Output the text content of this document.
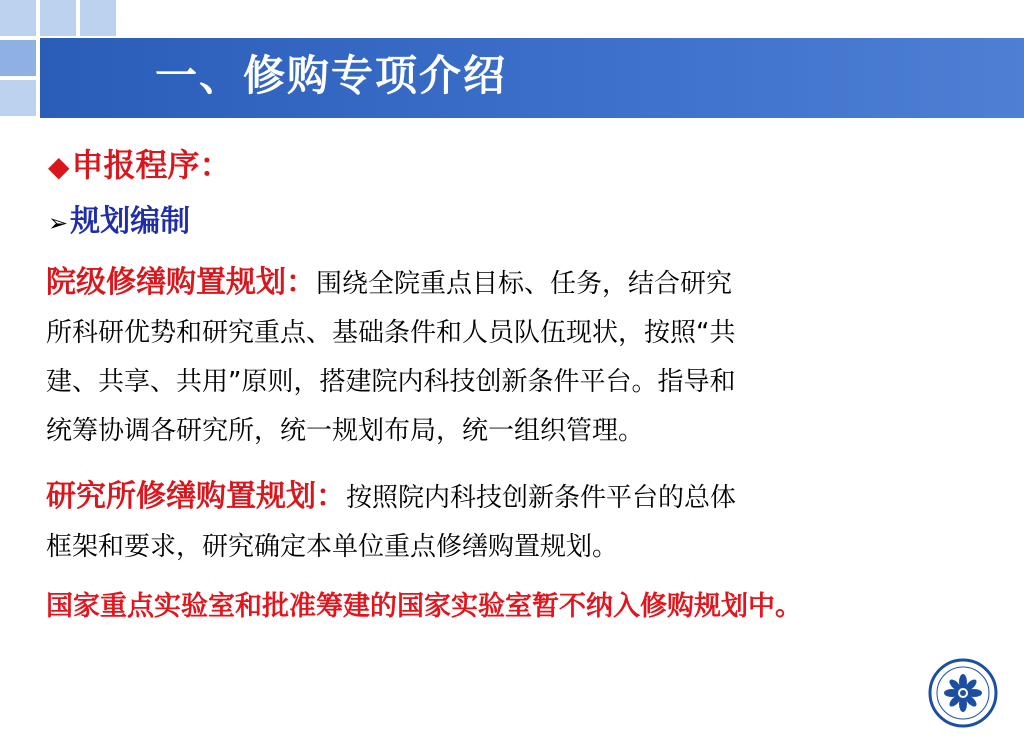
一、修购专项介绍
◆申报程序：
➢规划编制
院级修缮购置规划：围绕全院重点目标、任务，结合研究
所科研优势和研究重点、基础条件和人员队伍现状，按照“共
建、共享、共用”原则，搭建院内科技创新条件平台。指导和
统筹协调各研究所，统一规划布局，统一组织管理。
研究所修缮购置规划：按照院内科技创新条件平台的总体
框架和要求，研究确定本单位重点修缮购置规划。
国家重点实验室和批准筹建的国家实验室暂不纳入修购规划中。
